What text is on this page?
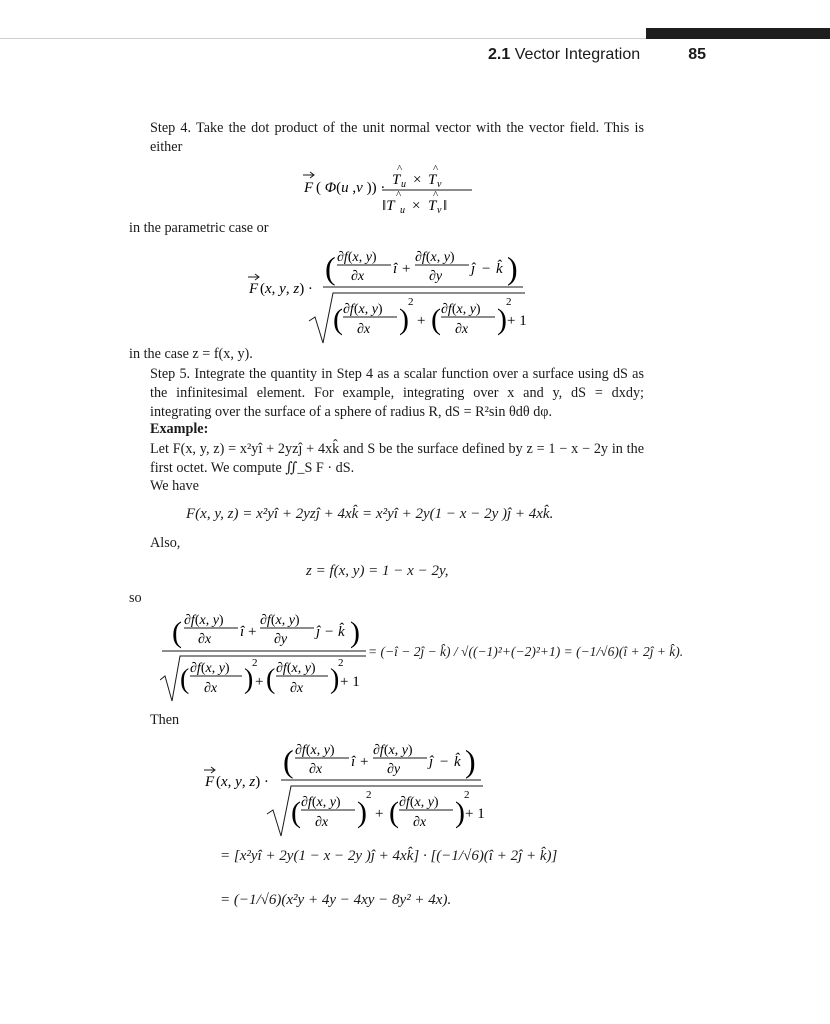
2.1 Vector Integration	85
Step 4. Take the dot product of the unit normal vector with the vector field. This is either
F ( Φ(u ,v )) · T u
^
× T v
^
‖T u
^
× T v
^
‖
in the parametric case or
F (x, y, z) ·
( ∂f(x, y)
∂x î +
∂f(x, y)
∂y ĵ − k̂ )
( ∂f(x, y)
∂x )
2
+ ( ∂f(x, y)
∂x )
2
+ 1
in the case z = f(x, y).
Step 5. Integrate the quantity in Step 4 as a scalar function over a surface using dS as the infinitesimal element. For example, integrating over x and y, dS = dxdy; integrating over the surface of a sphere of radius R, dS = R²sin θdθ dφ.
Example:
Let F(x, y, z) = x²yî + 2yzĵ + 4xk̂ and S be the surface defined by z = 1 − x − 2y in the first octet. We compute ∬_S F · dS.
We have
F(x, y, z) = x²yî + 2yzĵ + 4xk̂ = x²yî + 2y(1 − x − 2y )ĵ + 4xk̂.
Also,
z = f(x, y) = 1 − x − 2y,
so
( ∂f(x, y)
∂x î +
∂f(x, y)
∂y ĵ − k̂ )
( ∂f(x, y)
∂x )
2
+ ( ∂f(x, y)
∂x )
2
+ 1
= (−î − 2ĵ − k̂) / √((−1)²+(−2)²+1) = (−1/√6)(î + 2ĵ + k̂).
Then
F (x, y, z) ·
( ∂f(x, y)
∂x î +
∂f(x, y)
∂y ĵ − k̂ )
( ∂f(x, y)
∂x )
2
+ ( ∂f(x, y)
∂x )
2
+ 1
= [x²yî + 2y(1 − x − 2y )ĵ + 4xk̂] · [(−1/√6)(î + 2ĵ + k̂)]
= (−1/√6)(x²y + 4y − 4xy − 8y² + 4x).
